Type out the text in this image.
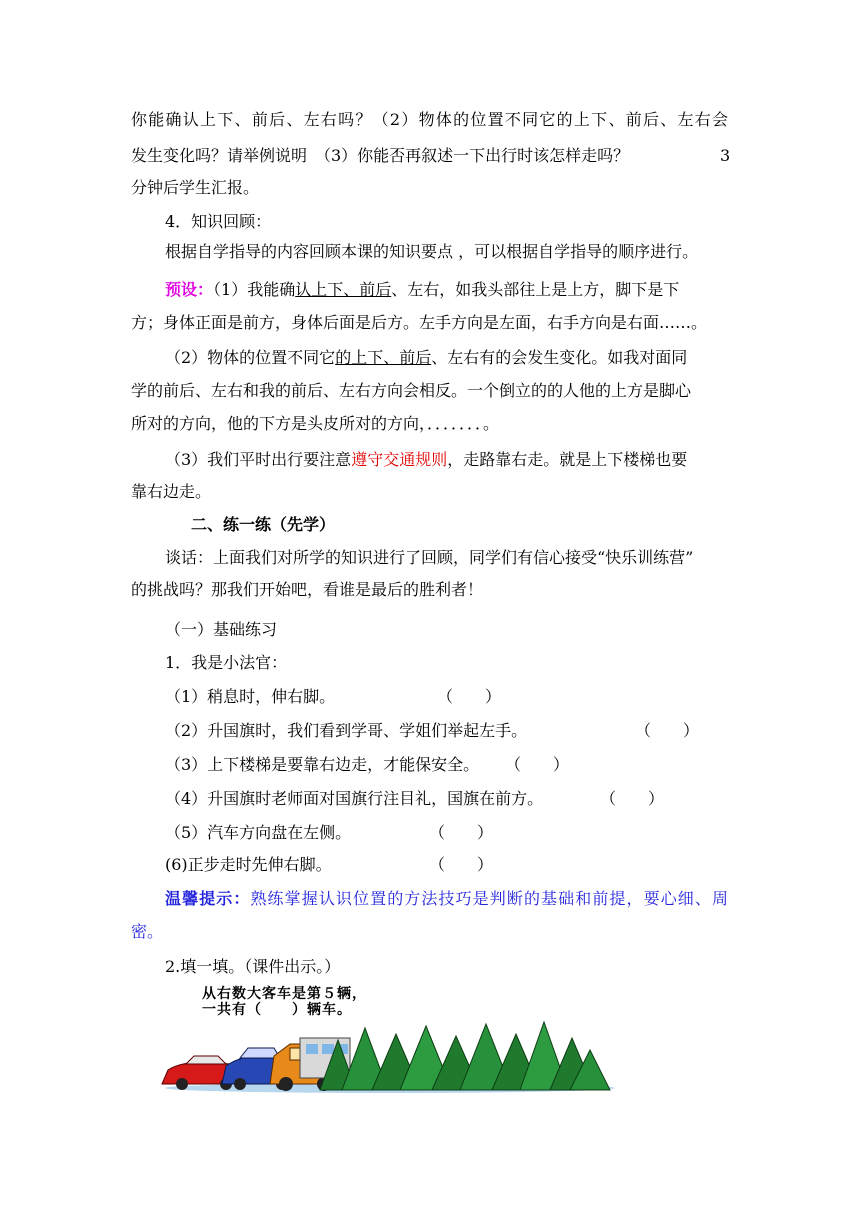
你能确认上下、前后、左右吗？（2）物体的位置不同它的上下、前后、左右会
发生变化吗？请举例说明　（3）你能否再叙述一下出行时该怎样走吗？	3
分钟后学生汇报。
4．知识回顾：
根据自学指导的内容回顾本课的知识要点 ，可以根据自学指导的顺序进行。
预设：（1）我能确认上下、前后、左右，如我头部往上是上方，脚下是下
方；身体正面是前方，身体后面是后方。左手方向是左面，右手方向是右面……。
（2）物体的位置不同它的上下、前后、左右有的会发生变化。如我对面同
学的前后、左右和我的前后、左右方向会相反。一个倒立的的人他的上方是脚心
所对的方向，他的下方是头皮所对的方向，．．．．．．．。
（3）我们平时出行要注意遵守交通规则，走路靠右走。就是上下楼梯也要
靠右边走。
二、练一练（先学）
谈话：上面我们对所学的知识进行了回顾，同学们有信心接受“快乐训练营”
的挑战吗？那我们开始吧，看谁是最后的胜利者！
（一）基础练习
1．我是小法官：
（1）稍息时，伸右脚。	（　　）
（2）升国旗时，我们看到学哥、学姐们举起左手。	（　　）
（3）上下楼梯是要靠右边走，才能保安全。 （　　）
（4）升国旗时老师面对国旗行注目礼，国旗在前方。	（　　）
（5）汽车方向盘在左侧。	（　　）
(6)正步走时先伸右脚。	（　　）
温馨提示：熟练掌握认识位置的方法技巧是判断的基础和前提，要心细、周
密。
2.填一填。（课件出示。）
从右数大客车是第５辆，
一共有（　　）辆车。
